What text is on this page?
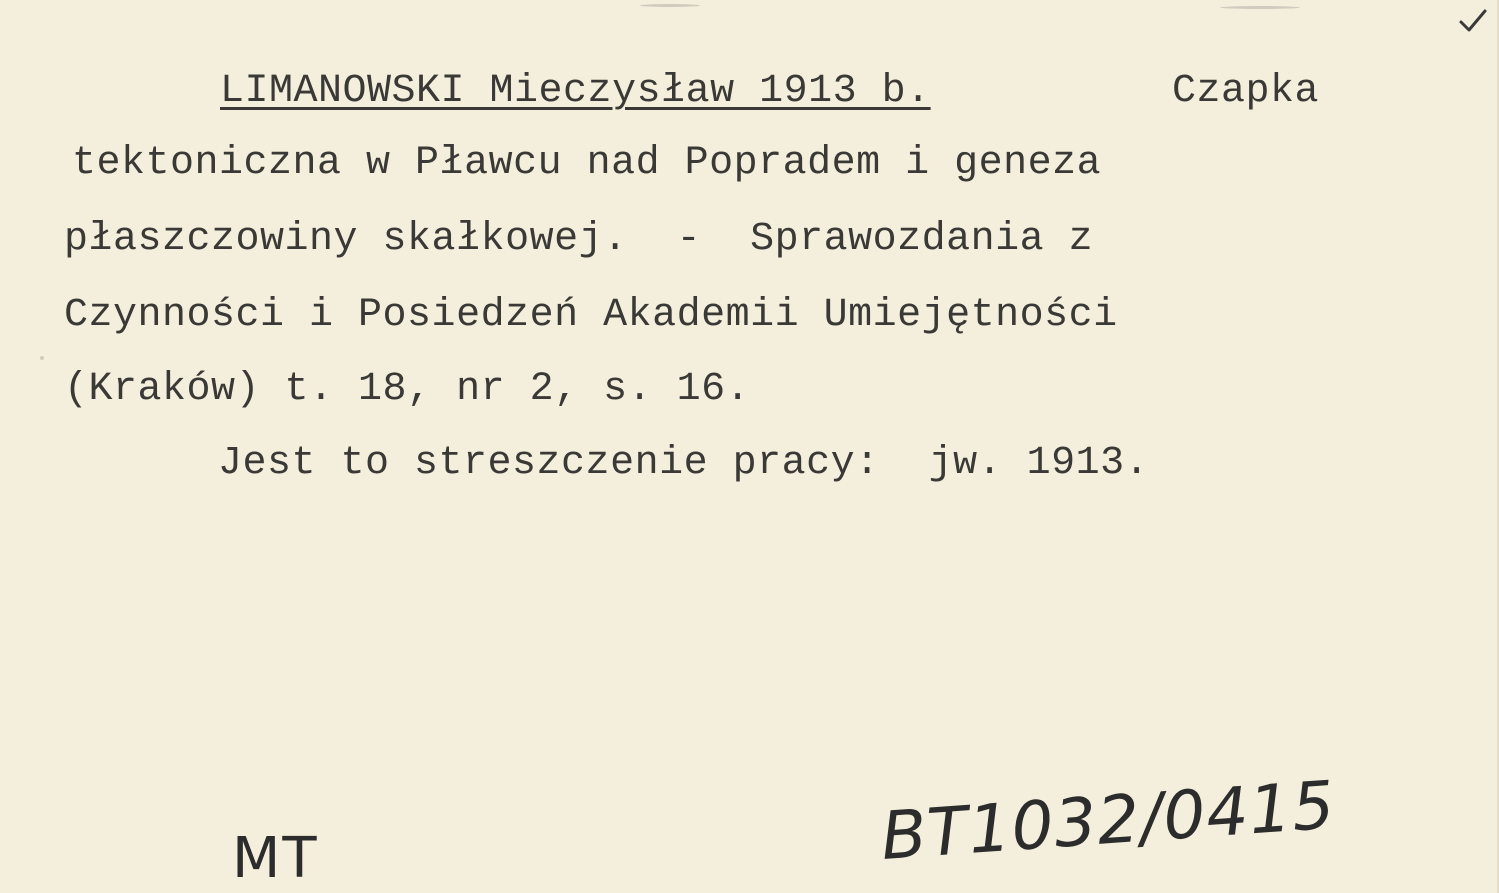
LIMANOWSKI Mieczysław 1913 b.

	Czapka

tektoniczna w Pławcu nad Popradem i geneza

płaszczowiny skałkowej.  -  Sprawozdania z

Czynności i Posiedzeń Akademii Umiejętności

(Kraków) t. 18, nr 2, s. 16.

Jest to streszczenie pracy:  jw. 1913.

MT	BT1032/0415
